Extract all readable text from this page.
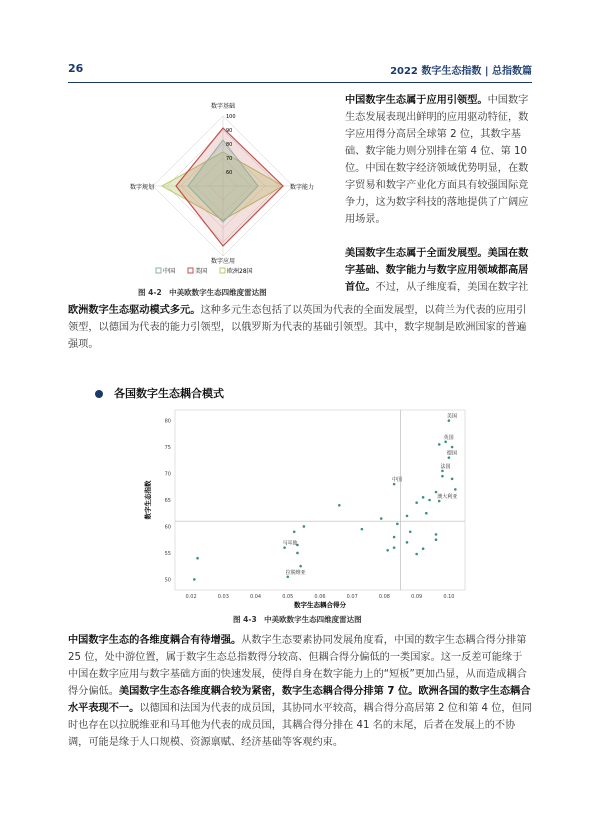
26	2022 数字生态指数 | 总指数篇
数字基础
数字能力
数字应用
数字规划
100
90
80
70
60
中国	美国	欧洲28国
图 4-2　中美欧数字生态四维度雷达图

中国数字生态属于应用引领型。中国数字生态发展表现出鲜明的应用驱动特征，数字应用得分高居全球第 2 位，其数字基础、数字能力则分别排在第 4 位、第 10 位。中国在数字经济领域优势明显，在数字贸易和数字产业化方面具有较强国际竞争力，这为数字科技的落地提供了广阔应用场景。

美国数字生态属于全面发展型。美国在数字基础、数字能力与数字应用领域都高居首位。不过，从子维度看，美国在数字社

欧洲数字生态驱动模式多元。这种多元生态包括了以英国为代表的全面发展型，以荷兰为代表的应用引领型，以德国为代表的能力引领型，以俄罗斯为代表的基础引领型。其中，数字规制是欧洲国家的普遍强项。

各国数字生态耦合模式
0.02	0.03	0.04	0.05	0.06	0.07	0.08	0.09	0.10
80
75
70
65
60
55
50
美国
英国
德国
法国
中国
澳大利亚
马耳他
拉脱维亚
数字生态耦合得分
数字生态指数
图 4-3　中美欧数字生态四维度雷达图

中国数字生态的各维度耦合有待增强。从数字生态要素协同发展角度看，中国的数字生态耦合得分排第 25 位，处中游位置，属于数字生态总指数得分较高、但耦合得分偏低的一类国家。这一反差可能缘于中国在数字应用与数字基础方面的快速发展，使得自身在数字能力上的“短板”更加凸显，从而造成耦合得分偏低。美国数字生态各维度耦合较为紧密，数字生态耦合得分排第 7 位。欧洲各国的数字生态耦合水平表现不一。以德国和法国为代表的成员国，其协同水平较高，耦合得分高居第 2 位和第 4 位，但同时也存在以拉脱维亚和马耳他为代表的成员国，其耦合得分排在 41 名的末尾，后者在发展上的不协调，可能是缘于人口规模、资源禀赋、经济基础等客观约束。
